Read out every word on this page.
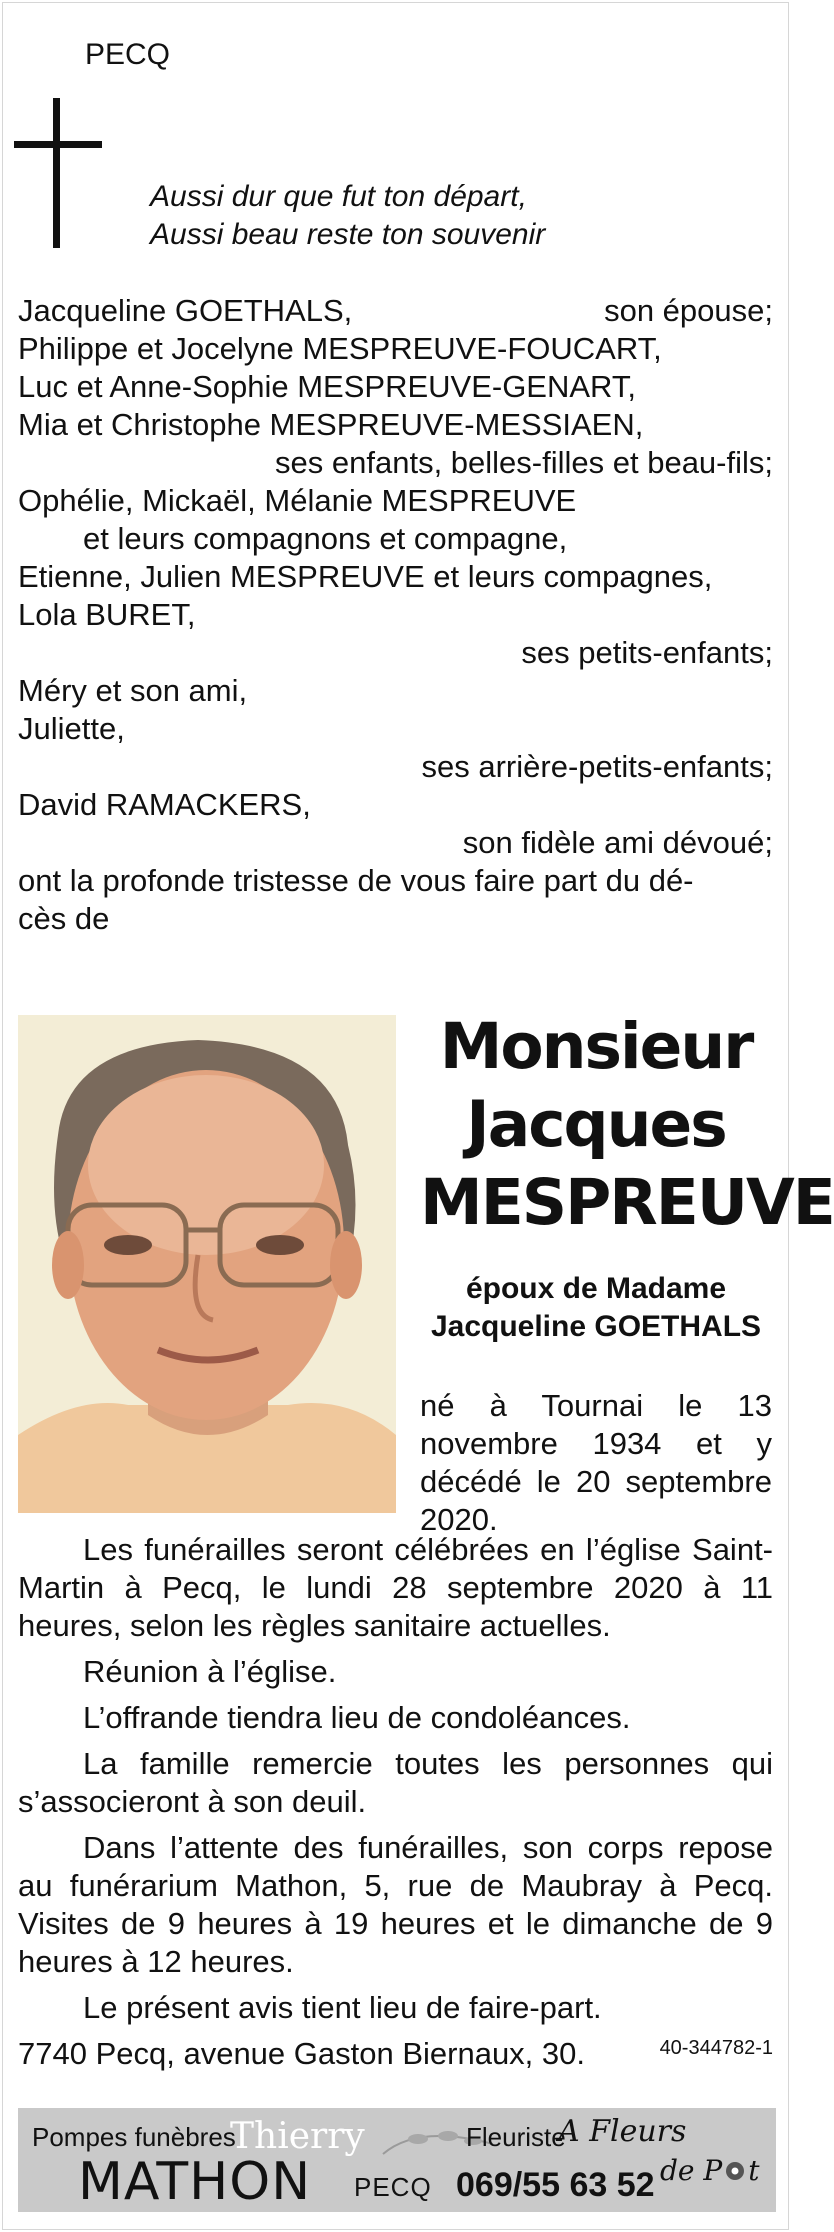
PECQ
Aussi dur que fut ton départ,
Aussi beau reste ton souvenir
Jacqueline GOETHALS,	son épouse;
Philippe et Jocelyne MESPREUVE-FOUCART,
Luc et Anne-Sophie MESPREUVE-GENART,
Mia et Christophe MESPREUVE-MESSIAEN,
ses enfants, belles-filles et beau-fils;
Ophélie, Mickaël, Mélanie MESPREUVE
et leurs compagnons et compagne,
Etienne, Julien MESPREUVE et leurs compagnes,
Lola BURET,
ses petits-enfants;
Méry et son ami,
Juliette,
ses arrière-petits-enfants;
David RAMACKERS,
son fidèle ami dévoué;
ont la profonde tristesse de vous faire part du dé-
cès de
Monsieur
Jacques
MESPREUVE
époux de Madame
Jacqueline GOETHALS
né à Tournai le 13 novembre 1934 et y décédé le 20 septembre 2020.

Les funérailles seront célébrées en l’église Saint-Martin à Pecq, le lundi 28 septembre 2020 à 11 heures, selon les règles sanitaire actuelles.

Réunion à l’église.

L’offrande tiendra lieu de condoléances.

La famille remercie toutes les personnes qui s’associeront à son deuil.

Dans l’attente des funérailles, son corps repose au funérarium Mathon, 5, rue de Maubray à Pecq. Visites de 9 heures à 19 heures et le dimanche de 9 heures à 12 heures.

Le présent avis tient lieu de faire-part.

7740 Pecq, avenue Gaston Biernaux, 30.	40-344782-1
Pompes funèbres
Thierry
MATHON PECQ 069/55 63 52
Fleuriste
A Fleurs
de P t
